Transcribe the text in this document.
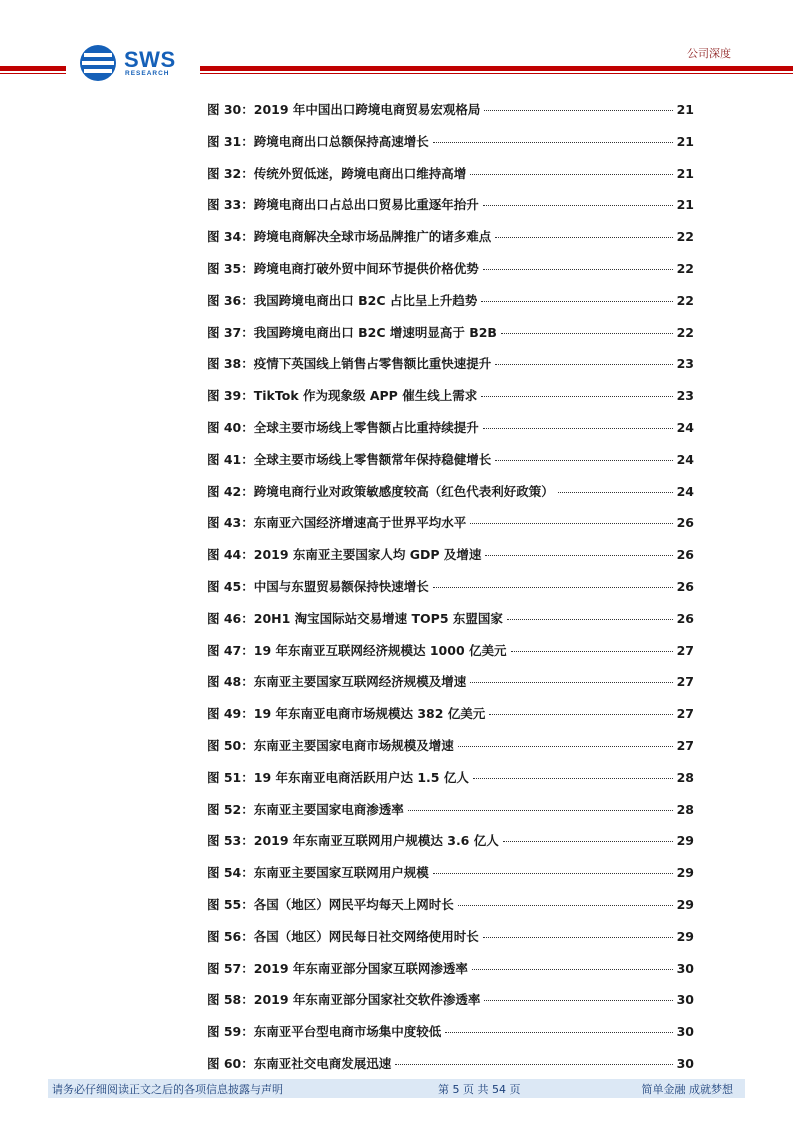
SWS
RESEARCH
公司深度
图 30：2019 年中国出口跨境电商贸易宏观格局	21
图 31：跨境电商出口总额保持高速增长	21
图 32：传统外贸低迷，跨境电商出口维持高增	21
图 33：跨境电商出口占总出口贸易比重逐年抬升	21
图 34：跨境电商解决全球市场品牌推广的诸多难点	22
图 35：跨境电商打破外贸中间环节提供价格优势	22
图 36：我国跨境电商出口 B2C 占比呈上升趋势	22
图 37：我国跨境电商出口 B2C 增速明显高于 B2B	22
图 38：疫情下英国线上销售占零售额比重快速提升	23
图 39：TikTok 作为现象级 APP 催生线上需求	23
图 40：全球主要市场线上零售额占比重持续提升	24
图 41：全球主要市场线上零售额常年保持稳健增长	24
图 42：跨境电商行业对政策敏感度较高（红色代表利好政策）	24
图 43：东南亚六国经济增速高于世界平均水平	26
图 44：2019 东南亚主要国家人均 GDP 及增速	26
图 45：中国与东盟贸易额保持快速增长	26
图 46：20H1 淘宝国际站交易增速 TOP5 东盟国家	26
图 47：19 年东南亚互联网经济规模达 1000 亿美元	27
图 48：东南亚主要国家互联网经济规模及增速	27
图 49：19 年东南亚电商市场规模达 382 亿美元	27
图 50：东南亚主要国家电商市场规模及增速	27
图 51：19 年东南亚电商活跃用户达 1.5 亿人	28
图 52：东南亚主要国家电商渗透率	28
图 53：2019 年东南亚互联网用户规模达 3.6 亿人	29
图 54：东南亚主要国家互联网用户规模	29
图 55：各国（地区）网民平均每天上网时长	29
图 56：各国（地区）网民每日社交网络使用时长	29
图 57：2019 年东南亚部分国家互联网渗透率	30
图 58：2019 年东南亚部分国家社交软件渗透率	30
图 59：东南亚平台型电商市场集中度较低	30
图 60：东南亚社交电商发展迅速	30
请务必仔细阅读正文之后的各项信息披露与声明	第 5 页 共 54 页	简单金融 成就梦想
